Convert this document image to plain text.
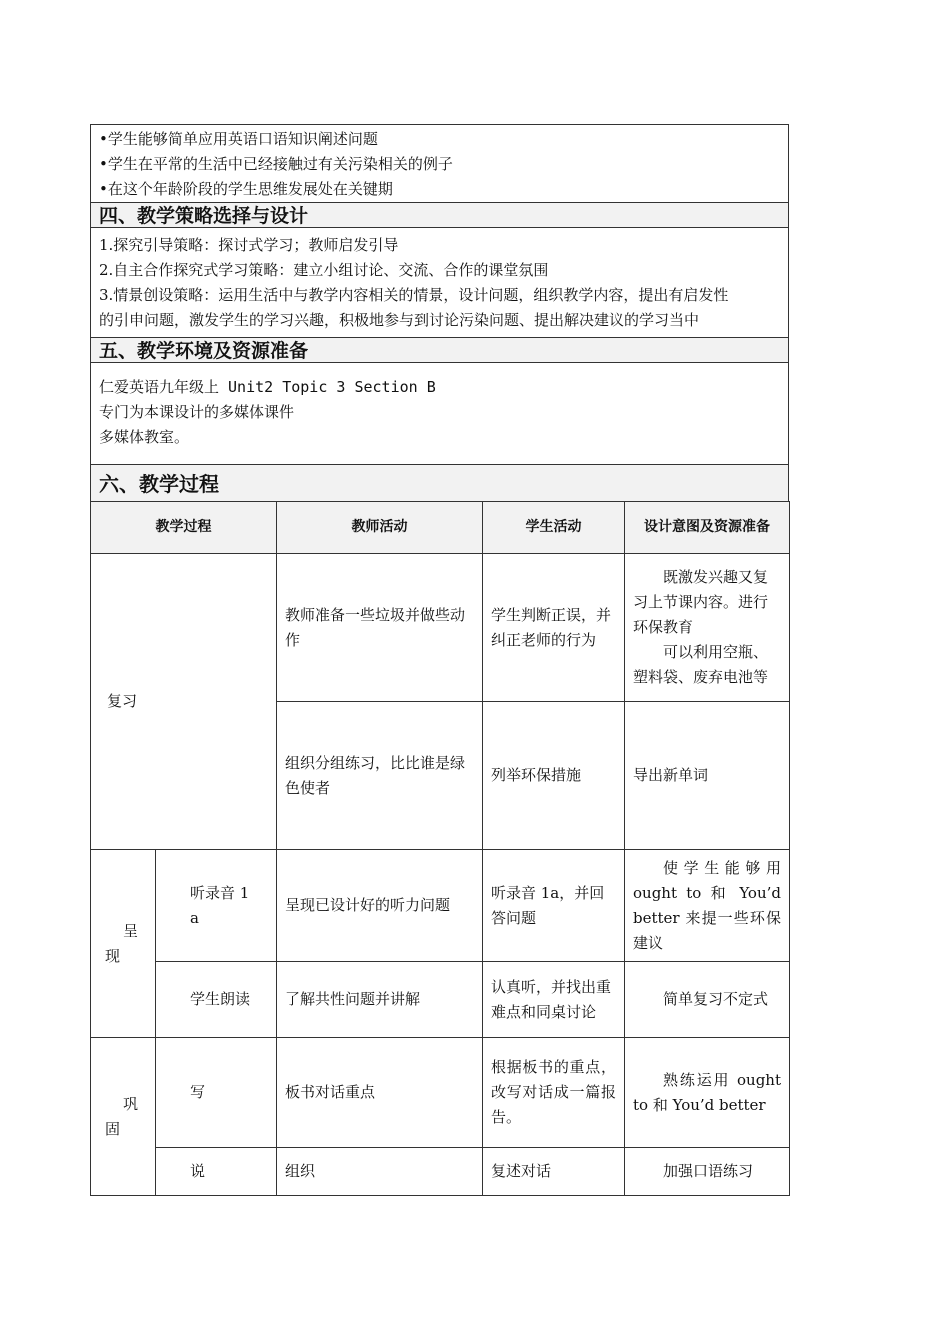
•学生能够简单应用英语口语知识阐述问题
•学生在平常的生活中已经接触过有关污染相关的例子
•在这个年龄阶段的学生思维发展处在关键期
四、教学策略选择与设计
1.探究引导策略：探讨式学习；教师启发引导
2.自主合作探究式学习策略：建立小组讨论、交流、合作的课堂氛围
3.情景创设策略：运用生活中与教学内容相关的情景，设计问题，组织教学内容，提出有启发性
的引申问题，激发学生的学习兴趣，积极地参与到讨论污染问题、提出解决建议的学习当中
五、教学环境及资源准备
仁爱英语九年级上 Unit2 Topic 3 Section B
专门为本课设计的多媒体课件
多媒体教室。
六、教学过程
教学过程		教师活动	学生活动	设计意图及资源准备
复习		教师准备一些垃圾并做些动作	学生判断正误，并纠正老师的行为	既激发兴趣又复习上节课内容。进行环保教育
可以利用空瓶、塑料袋、废弃电池等

		组织分组练习，比比谁是绿色使者	列举环保措施	导出新单词
呈现	听录音 1 a	呈现已设计好的听力问题	听录音 1a，并回答问题	使学生能够用 ought to 和 You’d better 来提一些环保建议
	学生朗读	了解共性问题并讲解	认真听，并找出重难点和同桌讨论	简单复习不定式
巩固	写	板书对话重点	根据板书的重点，改写对话成一篇报告。	熟练运用 ought to 和 You’d better
	说	组织	复述对话	加强口语练习
